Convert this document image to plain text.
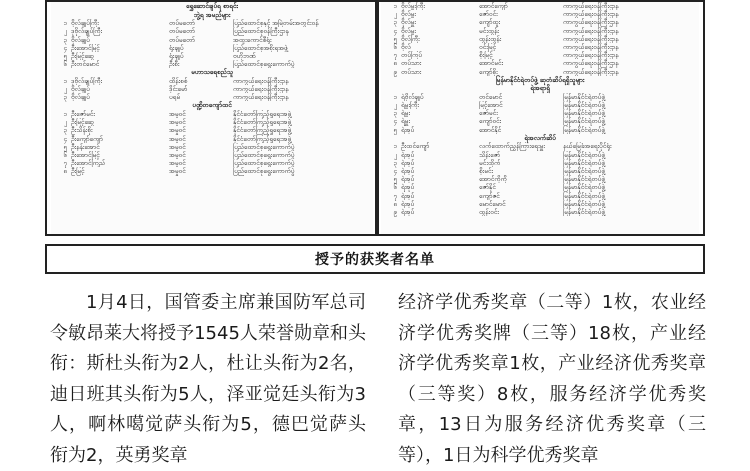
ရွှေဆောင်ချပ်ရ စာရင်း
ဘွဲ့ရ အမည်များ
၁ ဗိုလ်ချုပ်ကြီး	တပ်မတော်	ပြည်ထောင်စုနှင့် အမြဲတမ်းအတွင်းဝန်
၂ ဒုဗိုလ်ချုပ်ကြီး	တပ်မတော်	ပြည်ထောင်စုဝန်ကြီးဌာန
၃ ဗိုလ်ချုပ်	တပ်မတော်	အထူးကောင်စီရုံး
၄ ဦးအောင်မြင့်	ရုံးချုပ်	ပြည်ထောင်စုအစိုးရအဖွဲ့
၅ ဦးမြင့်ဆွေ	ရုံးချုပ်	ဗဟိုဘဏ်
၆ ဦးတင်မောင်	ဦးစီး	ပြည်ထောင်စုရွေးကောက်ပွဲ
မဟာသရေစည်သူ
၁ ဒုဗိုလ်ချုပ်ကြီး	ထိန်းစစ်	ကာကွယ်ရေးဝန်ကြီးဌာန
၂ ဗိုလ်ချုပ်	ဒိုင်းမော်	ကာကွယ်ရေးဝန်ကြီးဌာန
၃ ဗိုလ်ချုပ်	ပရမ်	ကာကွယ်ရေးဝန်ကြီးဌာန
ပဏ္ဍိတကျော်ထင်
၁ ဦးဇော်မင်း	အမှုဝင်	နိုင်ငံတော်ကြည့်ရှုရေးအဖွဲ့
၂ ဦးမြင့်ဆွေ	အမှုဝင်	နိုင်ငံတော်ကြည့်ရှုရေးအဖွဲ့
၃ ဦးသိန်းစိုး	အမှုဝင်	နိုင်ငံတော်ကြည့်ရှုရေးအဖွဲ့
၄ ဦးကျော်ကျော်	အမှုဝင်	နိုင်ငံတော်ကြည့်ရှုရေးအဖွဲ့
၅ ဦးနန်းအောင်	အမှုဝင်	ပြည်ထောင်စုရွေးကောက်ပွဲ
၆ ဦးအောင်မြင့်	အမှုဝင်	ပြည်ထောင်စုရွေးကောက်ပွဲ
၇ ဦးအောင်ကြည်	အမှုဝင်	ပြည်ထောင်စုရွေးကောက်ပွဲ
၈ ဦးမြင့်	အမှုဝင်	ပြည်ထောင်စုရွေးကောက်ပွဲ
၁ ဗိုလ်မှူးကြီး	အောင်ကျော်	ကာကွယ်ရေးဝန်ကြီးဌာန
၂ ဗိုလ်မှူး	ဇော်ဝင်း	ကာကွယ်ရေးဝန်ကြီးဌာန
၃ ဗိုလ်မှူး	ကျော်ထူး	ကာကွယ်ရေးဝန်ကြီးဌာန
၄ ဗိုလ်မှူး	မင်းထွန်း	ကာကွယ်ရေးဝန်ကြီးဌာန
၅ ဗိုလ်ကြီး	ထွန်းထွန်း	ကာကွယ်ရေးဝန်ကြီးဌာန
၆ ဗိုလ်	ဝင်းမြင့်	ကာကွယ်ရေးဝန်ကြီးဌာန
၇ တပ်ကြပ်	စိုးမြင့်	ကာကွယ်ရေးဝန်ကြီးဌာန
၈ တပ်သား	အောင်မင်း	ကာကွယ်ရေးဝန်ကြီးဌာန
၉ တပ်သား	ကျော်စိုး	ကာကွယ်ရေးဝန်ကြီးဌာန
မြန်မာနိုင်ငံရဲတပ်ဖွဲ့ ဆုတံဆိပ်ရရှိသူများ
ရဲအရာရှိ
၁ ရဲဗိုလ်ချုပ်	တင်မောင်	မြန်မာနိုင်ငံရဲတပ်ဖွဲ့
၂ ရဲမှူးကြီး	မြင့်အောင်	မြန်မာနိုင်ငံရဲတပ်ဖွဲ့
၃ ရဲမှူး	ဇော်မင်း	မြန်မာနိုင်ငံရဲတပ်ဖွဲ့
၄ ရဲမှူး	ကျော်ဝင်း	မြန်မာနိုင်ငံရဲတပ်ဖွဲ့
၅ ရဲအုပ်	အောင်နိုင်	မြန်မာနိုင်ငံရဲတပ်ဖွဲ့
ရဲအလက်ဆိပ်
၁ ဦးထင်ကျော်	လက်ထောက်ညွှန်ကြားရေးမှူး	နယ်မြေခံအရေးပိုင်ရုံး
၂ ရဲအုပ်	သိန်းဇော်	မြန်မာနိုင်ငံရဲတပ်ဖွဲ့
၃ ရဲအုပ်	မင်းထိုက်	မြန်မာနိုင်ငံရဲတပ်ဖွဲ့
၄ ရဲအုပ်	စိုးမင်း	မြန်မာနိုင်ငံရဲတပ်ဖွဲ့
၅ ရဲအုပ်	အောင်ကိုကို	မြန်မာနိုင်ငံရဲတပ်ဖွဲ့
၆ ရဲအုပ်	ဇော်နိုင်	မြန်မာနိုင်ငံရဲတပ်ဖွဲ့
၇ ရဲအုပ်	ကျော်ဇင်	မြန်မာနိုင်ငံရဲတပ်ဖွဲ့
၈ ရဲအုပ်	မောင်မောင်	မြန်မာနိုင်ငံရဲတပ်ဖွဲ့
၉ ရဲအုပ်	ထွန်းဝင်း	မြန်မာနိုင်ငံရဲတပ်ဖွဲ့
授予的获奖者名单

1月4日，国管委主席兼国防军总司令敏昂莱大将授予1545人荣誉勋章和头衔：斯杜头衔为2人，杜让头衔为2名，迪日班其头衔为5人，泽亚觉廷头衔为3人，啊林噶觉萨头衔为5，德巴觉萨头衔为2，英勇奖章

经济学优秀奖章（二等）1枚，农业经济学优秀奖牌（三等）18枚，产业经济学优秀奖章1枚，产业经济优秀奖章（三等奖）8枚，服务经济学优秀奖章，13日为服务经济优秀奖章（三等），1日为科学优秀奖章
